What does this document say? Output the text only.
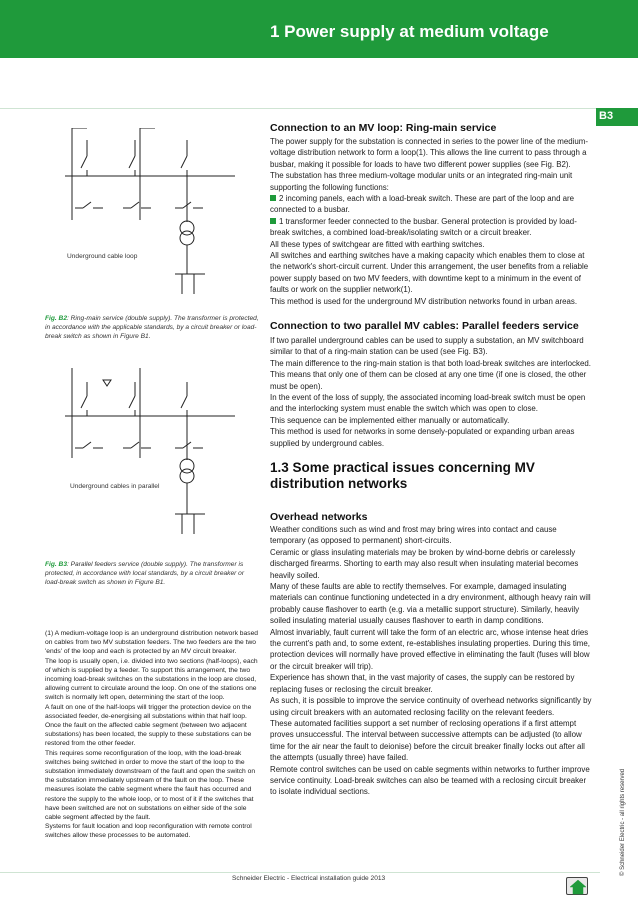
1 Power supply at medium voltage
B3
© Schneider Electric - all rights reserved
Underground cable loop
Fig. B2: Ring-main service (double supply). The transformer is protected, in accordance with the applicable standards, by a circuit breaker or load-break switch as shown in Figure B1.
Underground cables in parallel
Fig. B3: Parallel feeders service (double supply). The transformer is protected, in accordance with local standards, by a circuit breaker or load-break switch as shown in Figure B1.

(1) A medium-voltage loop is an underground distribution network based on cables from two MV substation feeders. The two feeders are the two 'ends' of the loop and each is protected by an MV circuit breaker.

The loop is usually open, i.e. divided into two sections (half-loops), each of which is supplied by a feeder. To support this arrangement, the two incoming load-break switches on the substations in the loop are closed, allowing current to circulate around the loop. On one of the stations one switch is normally left open, determining the start of the loop.

A fault on one of the half-loops will trigger the protection device on the associated feeder, de-energising all substations within that half loop. Once the fault on the affected cable segment (between two adjacent substations) has been located, the supply to these substations can be restored from the other feeder.

This requires some reconfiguration of the loop, with the load-break switches being switched in order to move the start of the loop to the substation immediately downstream of the fault and open the switch on the substation immediately upstream of the fault on the loop. These measures isolate the cable segment where the fault has occurred and restore the supply to the whole loop, or to most of it if the switches that have been switched are not on substations on either side of the sole cable segment affected by the fault.

Systems for fault location and loop reconfiguration with remote control switches allow these processes to be automated.

Connection to an MV loop: Ring-main service

The power supply for the substation is connected in series to the power line of the medium-voltage distribution network to form a loop(1). This allows the line current to pass through a busbar, making it possible for loads to have two different power supplies (see Fig. B2).

The substation has three medium-voltage modular units or an integrated ring-main unit supporting the following functions:

2 incoming panels, each with a load-break switch. These are part of the loop and are connected to a busbar.

1 transformer feeder connected to the busbar. General protection is provided by load-break switches, a combined load-break/isolating switch or a circuit breaker.

All these types of switchgear are fitted with earthing switches.

All switches and earthing switches have a making capacity which enables them to close at the network's short-circuit current. Under this arrangement, the user benefits from a reliable power supply based on two MV feeders, with downtime kept to a minimum in the event of faults or work on the supplier network(1).

This method is used for the underground MV distribution networks found in urban areas.

Connection to two parallel MV cables: Parallel feeders service

If two parallel underground cables can be used to supply a substation, an MV switchboard similar to that of a ring-main station can be used (see Fig. B3).

The main difference to the ring-main station is that both load-break switches are interlocked. This means that only one of them can be closed at any one time (if one is closed, the other must be open).

In the event of the loss of supply, the associated incoming load-break switch must be open and the interlocking system must enable the switch which was open to close.

This sequence can be implemented either manually or automatically.

This method is used for networks in some densely-populated or expanding urban areas supplied by underground cables.

1.3 Some practical issues concerning MV
distribution networks
Overhead networks

Weather conditions such as wind and frost may bring wires into contact and cause temporary (as opposed to permanent) short-circuits.

Ceramic or glass insulating materials may be broken by wind-borne debris or carelessly discharged firearms. Shorting to earth may also result when insulating material becomes heavily soiled.

Many of these faults are able to rectify themselves. For example, damaged insulating materials can continue functioning undetected in a dry environment, although heavy rain will probably cause flashover to earth (e.g. via a metallic support structure). Similarly, heavily soiled insulating material usually causes flashover to earth in damp conditions.

Almost invariably, fault current will take the form of an electric arc, whose intense heat dries the current's path and, to some extent, re-establishes insulating properties. During this time, protection devices will normally have proved effective in eliminating the fault (fuses will blow or the circuit breaker will trip).

Experience has shown that, in the vast majority of cases, the supply can be restored by replacing fuses or reclosing the circuit breaker.

As such, it is possible to improve the service continuity of overhead networks significantly by using circuit breakers with an automated reclosing facility on the relevant feeders.

These automated facilities support a set number of reclosing operations if a first attempt proves unsuccessful. The interval between successive attempts can be adjusted (to allow time for the air near the fault to deionise) before the circuit breaker finally locks out after all the attempts (usually three) have failed.

Remote control switches can be used on cable segments within networks to further improve service continuity. Load-break switches can also be teamed with a reclosing circuit breaker to isolate individual sections.

Schneider Electric - Electrical installation guide 2013
